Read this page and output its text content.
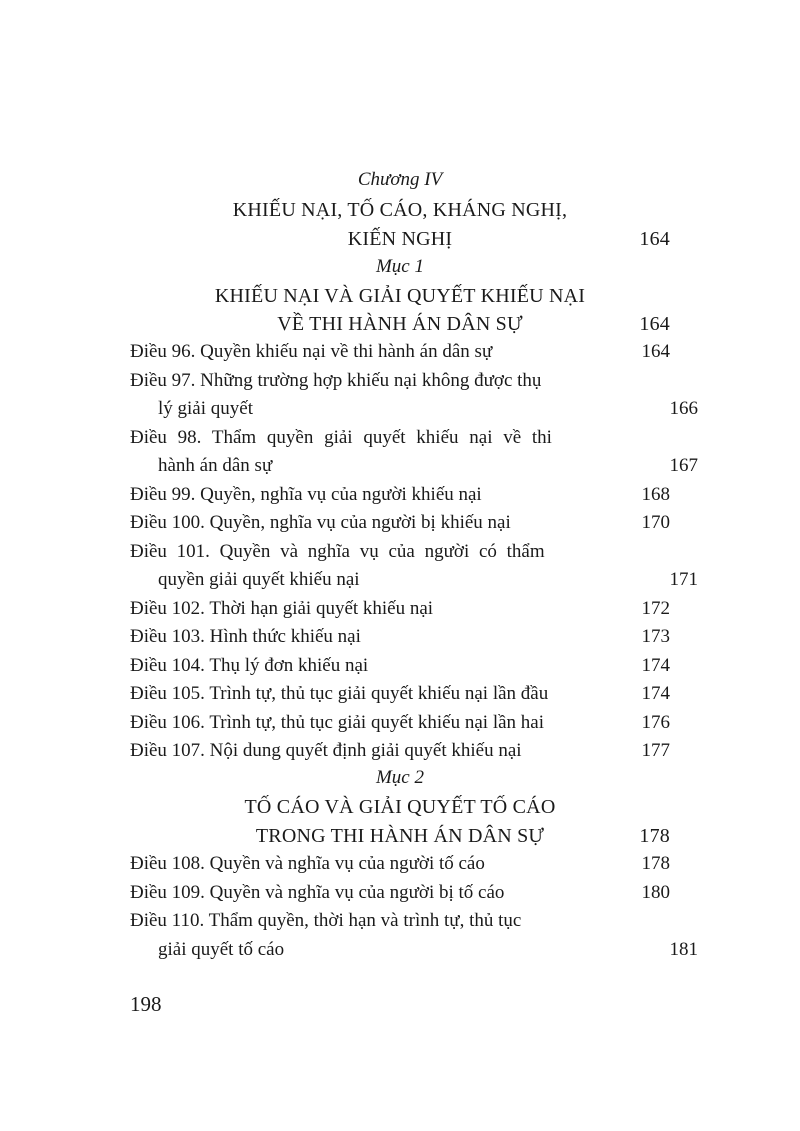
Chương IV
KHIẾU NẠI, TỐ CÁO, KHÁNG NGHỊ,
KIẾN NGHỊ	164
Mục 1
KHIẾU NẠI VÀ GIẢI QUYẾT KHIẾU NẠI
VỀ THI HÀNH ÁN DÂN SỰ	164
Điều 96. Quyền khiếu nại về thi hành án dân sự	164
Điều 97. Những trường hợp khiếu nại không được thụ
lý giải quyết	166
Điều 98. Thẩm quyền giải quyết khiếu nại về thi
hành án dân sự	167
Điều 99. Quyền, nghĩa vụ của người khiếu nại	168
Điều 100. Quyền, nghĩa vụ của người bị khiếu nại	170
Điều 101. Quyền và nghĩa vụ của người có thẩm
quyền giải quyết khiếu nại	171
Điều 102. Thời hạn giải quyết khiếu nại	172
Điều 103. Hình thức khiếu nại	173
Điều 104. Thụ lý đơn khiếu nại	174
Điều 105. Trình tự, thủ tục giải quyết khiếu nại lần đầu	174
Điều 106. Trình tự, thủ tục giải quyết khiếu nại lần hai	176
Điều 107. Nội dung quyết định giải quyết khiếu nại	177
Mục 2
TỐ CÁO VÀ GIẢI QUYẾT TỐ CÁO
TRONG THI HÀNH ÁN DÂN SỰ	178
Điều 108. Quyền và nghĩa vụ của người tố cáo	178
Điều 109. Quyền và nghĩa vụ của người bị tố cáo	180
Điều 110. Thẩm quyền, thời hạn và trình tự, thủ tục
giải quyết tố cáo	181
198
